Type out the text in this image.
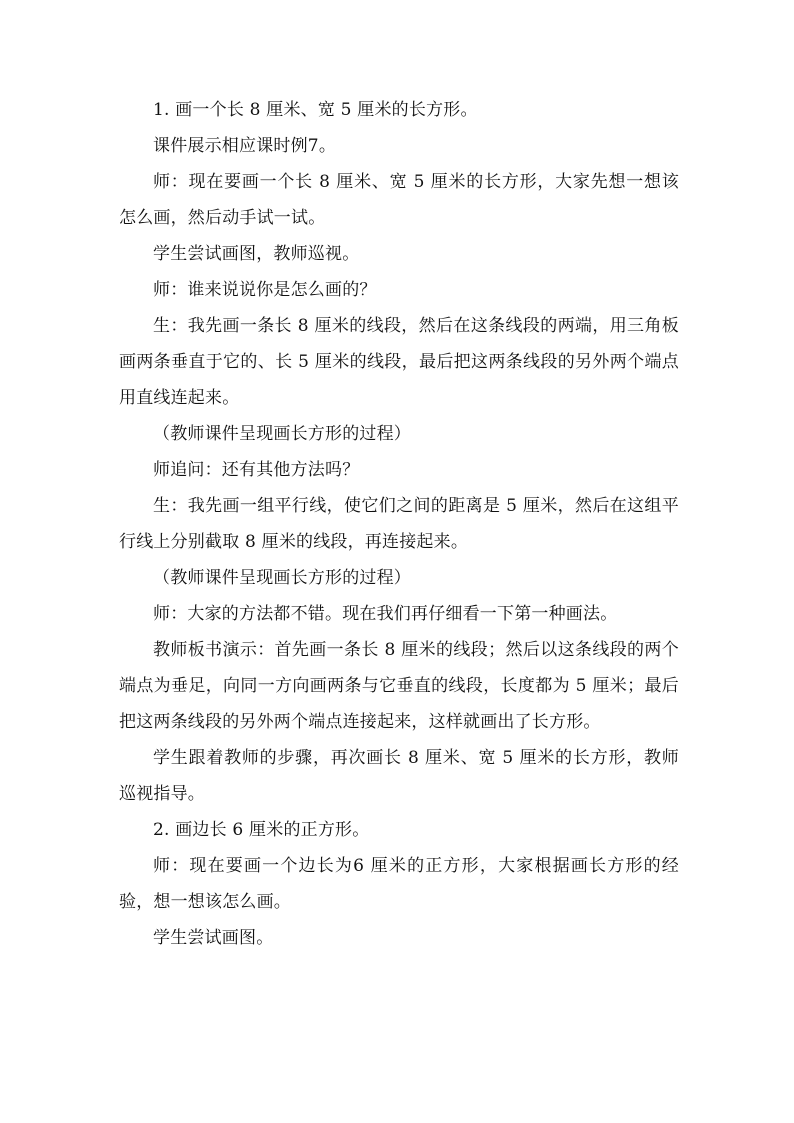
1. 画一个长 8 厘米、宽 5 厘米的长方形。

课件展示相应课时例7。

师：现在要画一个长 8 厘米、宽 5 厘米的长方形，大家先想一想该怎么画，然后动手试一试。

学生尝试画图，教师巡视。

师：谁来说说你是怎么画的？

生：我先画一条长 8 厘米的线段，然后在这条线段的两端，用三角板画两条垂直于它的、长 5 厘米的线段，最后把这两条线段的另外两个端点用直线连起来。

（教师课件呈现画长方形的过程）

师追问：还有其他方法吗？

生：我先画一组平行线，使它们之间的距离是 5 厘米，然后在这组平行线上分别截取 8 厘米的线段，再连接起来。

（教师课件呈现画长方形的过程）

师：大家的方法都不错。现在我们再仔细看一下第一种画法。

教师板书演示：首先画一条长 8 厘米的线段；然后以这条线段的两个端点为垂足，向同一方向画两条与它垂直的线段，长度都为 5 厘米；最后把这两条线段的另外两个端点连接起来，这样就画出了长方形。

学生跟着教师的步骤，再次画长 8 厘米、宽 5 厘米的长方形，教师巡视指导。

2. 画边长 6 厘米的正方形。

师：现在要画一个边长为6 厘米的正方形，大家根据画长方形的经验，想一想该怎么画。

学生尝试画图。
